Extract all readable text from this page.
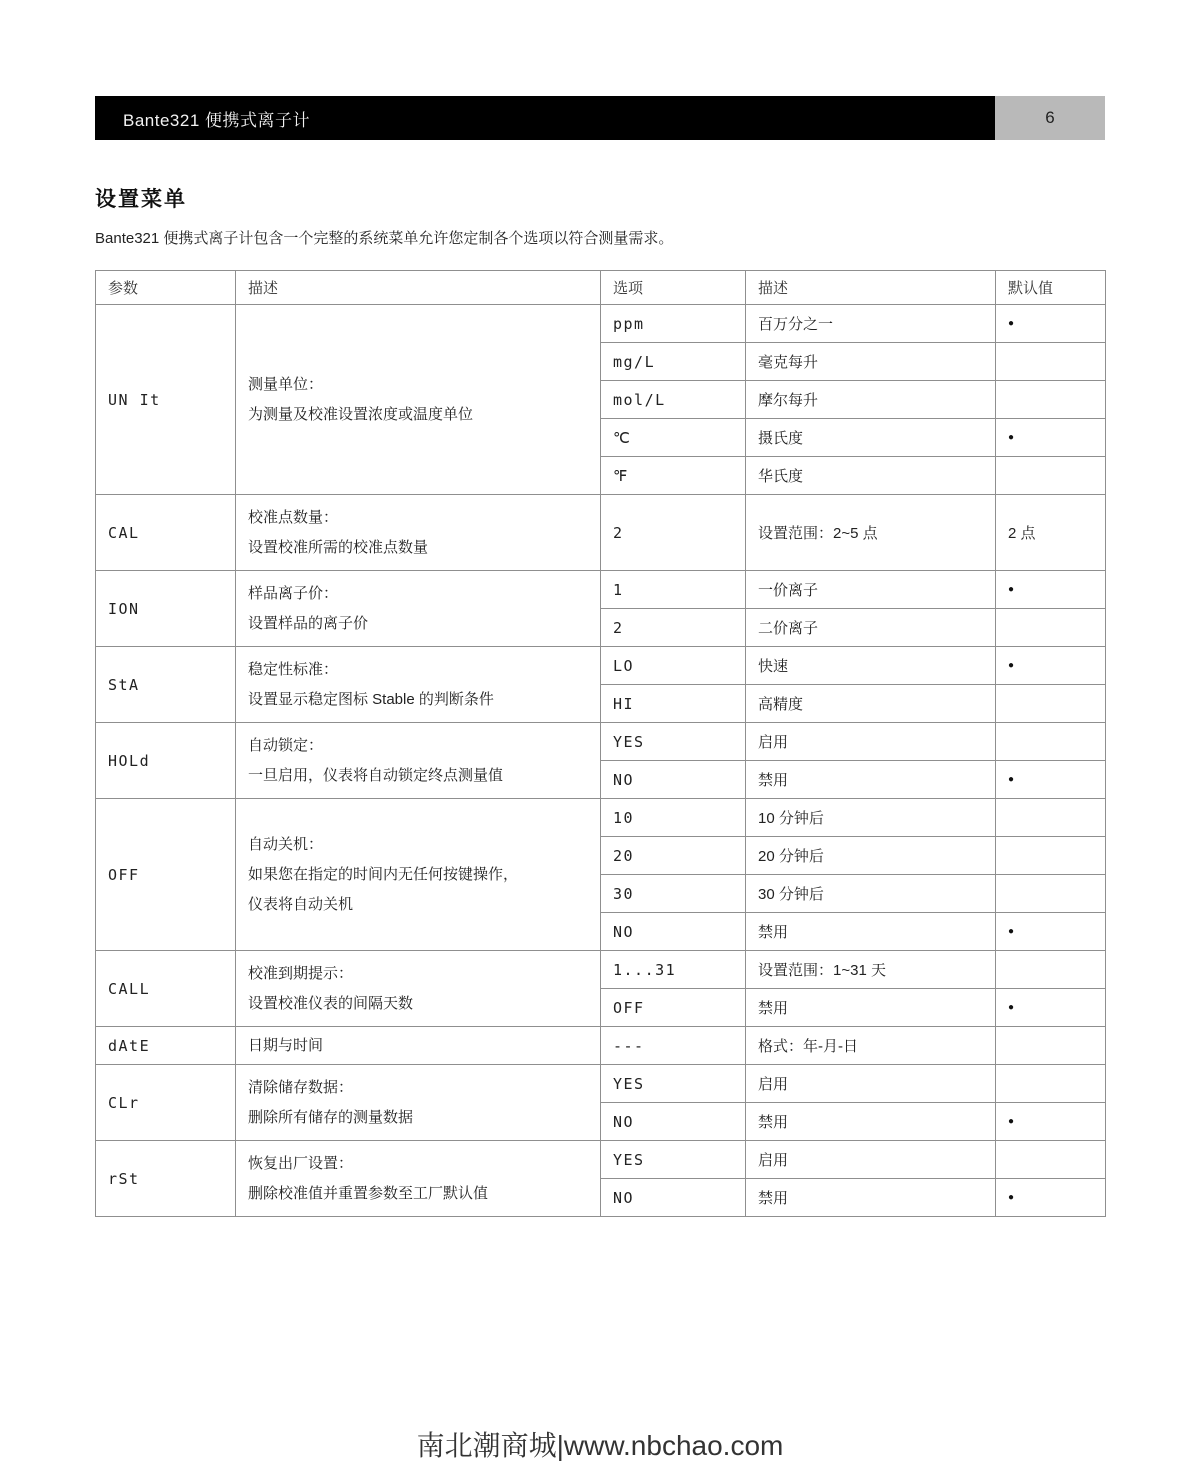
Bante321 便携式离子计	6
设置菜单
Bante321 便携式离子计包含一个完整的系统菜单允许您定制各个选项以符合测量需求。
参数	描述	选项	描述	默认值
UN It	测量单位：
为测量及校准设置浓度或温度单位	ppm	百万分之一	●
		mg/L	毫克每升	
		mol/L	摩尔每升	
		℃	摄氏度	●
		℉	华氏度	
CAL	校准点数量：
设置校准所需的校准点数量	2	设置范围：2~5 点	2 点
ION	样品离子价：
设置样品的离子价	1	一价离子	●
		2	二价离子	
StA	稳定性标准：
设置显示稳定图标 Stable 的判断条件	LO	快速	●
		HI	高精度	
HOLd	自动锁定：
一旦启用，仪表将自动锁定终点测量值	YES	启用	
		NO	禁用	●
OFF	自动关机：
如果您在指定的时间内无任何按键操作，
仪表将自动关机	10	10 分钟后	
		20	20 分钟后	
		30	30 分钟后	
		NO	禁用	●
CALL	校准到期提示：
设置校准仪表的间隔天数	1...31	设置范围：1~31 天	
		OFF	禁用	●
dAtE	日期与时间	---	格式：年-月-日	
CLr	清除储存数据：
删除所有储存的测量数据	YES	启用	
		NO	禁用	●
rSt	恢复出厂设置：
删除校准值并重置参数至工厂默认值	YES	启用	
		NO	禁用	●
南北潮商城|www.nbchao.com
